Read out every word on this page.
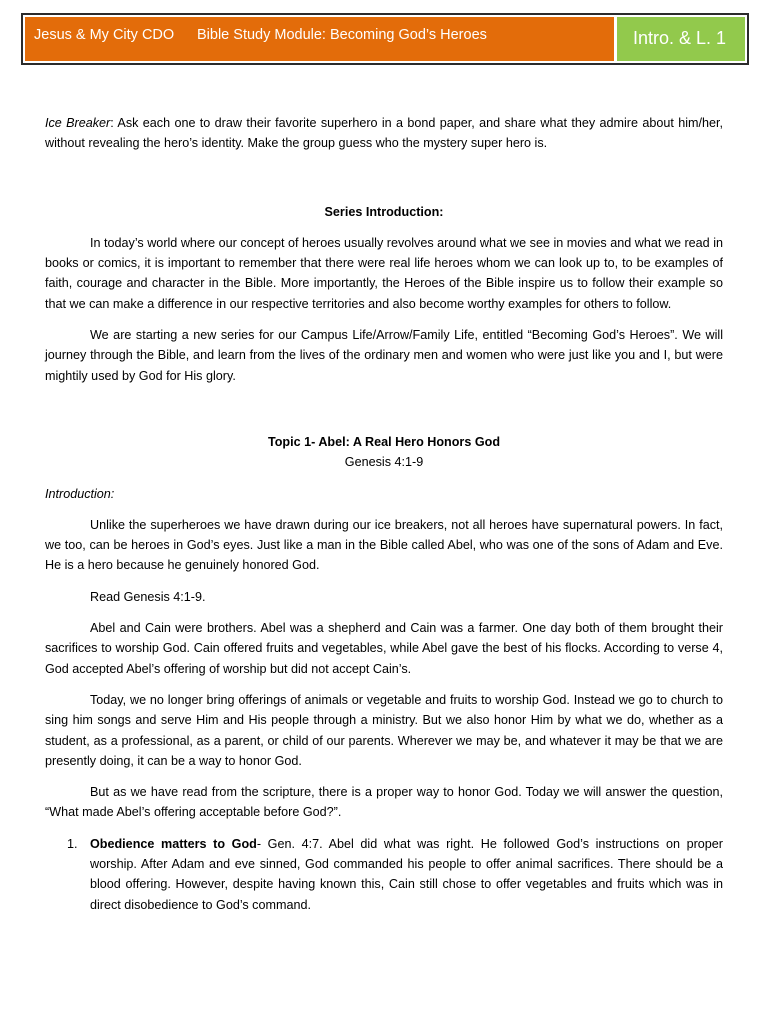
Jesus & My City CDO Bible Study Module: Becoming God’s Heroes	Intro. & L. 1

Ice Breaker: Ask each one to draw their favorite superhero in a bond paper, and share what they admire about him/her, without revealing the hero’s identity. Make the group guess who the mystery super hero is.

Series Introduction:

In today’s world where our concept of heroes usually revolves around what we see in movies and what we read in books or comics, it is important to remember that there were real life heroes whom we can look up to, to be examples of faith, courage and character in the Bible. More importantly, the Heroes of the Bible inspire us to follow their example so that we can make a difference in our respective territories and also become worthy examples for others to follow.

We are starting a new series for our Campus Life/Arrow/Family Life, entitled “Becoming God’s Heroes”. We will journey through the Bible, and learn from the lives of the ordinary men and women who were just like you and I, but were mightily used by God for His glory.

Topic 1- Abel: A Real Hero Honors God

Genesis 4:1-9

Introduction:

Unlike the superheroes we have drawn during our ice breakers, not all heroes have supernatural powers. In fact, we too, can be heroes in God’s eyes. Just like a man in the Bible called Abel, who was one of the sons of Adam and Eve. He is a hero because he genuinely honored God.

Read Genesis 4:1-9.

Abel and Cain were brothers. Abel was a shepherd and Cain was a farmer. One day both of them brought their sacrifices to worship God. Cain offered fruits and vegetables, while Abel gave the best of his flocks. According to verse 4, God accepted Abel’s offering of worship but did not accept Cain’s.

Today, we no longer bring offerings of animals or vegetable and fruits to worship God. Instead we go to church to sing him songs and serve Him and His people through a ministry. But we also honor Him by what we do, whether as a student, as a professional, as a parent, or child of our parents. Wherever we may be, and whatever it may be that we are presently doing, it can be a way to honor God.

But as we have read from the scripture, there is a proper way to honor God. Today we will answer the question, “What made Abel’s offering acceptable before God?”.

1. Obedience matters to God- Gen. 4:7. Abel did what was right. He followed God’s instructions on proper worship. After Adam and eve sinned, God commanded his people to offer animal sacrifices. There should be a blood offering. However, despite having known this, Cain still chose to offer vegetables and fruits which was in direct disobedience to God’s command.
